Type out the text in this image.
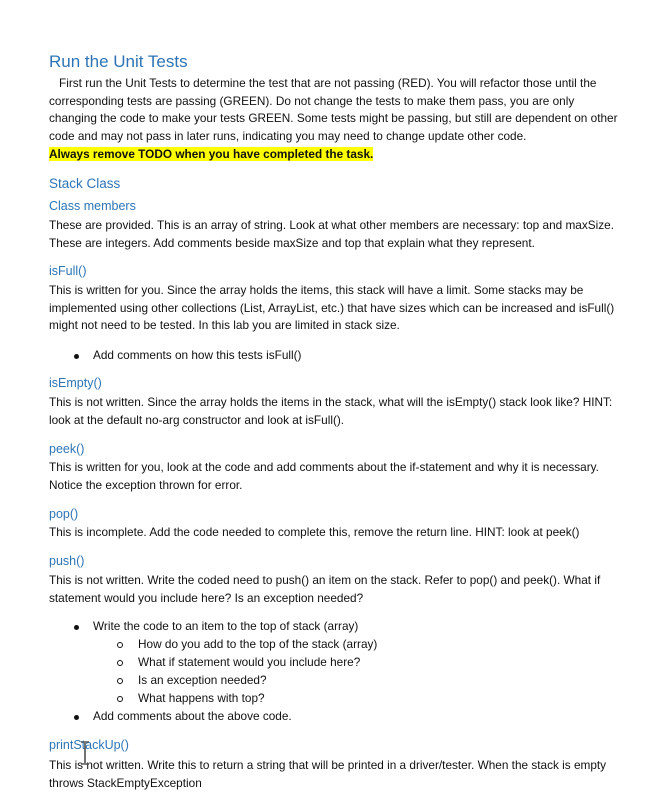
Run the Unit Tests

First run the Unit Tests to determine the test that are not passing (RED). You will refactor those until the corresponding tests are passing (GREEN). Do not change the tests to make them pass, you are only changing the code to make your tests GREEN. Some tests might be passing, but still are dependent on other code and may not pass in later runs, indicating you may need to change update other code.

Always remove TODO when you have completed the task.

Stack Class
Class members

These are provided. This is an array of string. Look at what other members are necessary: top and maxSize. These are integers. Add comments beside maxSize and top that explain what they represent.

isFull()

This is written for you. Since the array holds the items, this stack will have a limit. Some stacks may be implemented using other collections (List, ArrayList, etc.) that have sizes which can be increased and isFull() might not need to be tested. In this lab you are limited in stack size.

Add comments on how this tests isFull()

isEmpty()

This is not written. Since the array holds the items in the stack, what will the isEmpty() stack look like? HINT: look at the default no-arg constructor and look at isFull().

peek()

This is written for you, look at the code and add comments about the if-statement and why it is necessary. Notice the exception thrown for error.

pop()

This is incomplete. Add the code needed to complete this, remove the return line. HINT: look at peek()

push()

This is not written. Write the coded need to push() an item on the stack. Refer to pop() and peek(). What if statement would you include here? Is an exception needed?

Write the code to an item to the top of stack (array)

How do you add to the top of the stack (array)

What if statement would you include here?

Is an exception needed?

What happens with top?

Add comments about the above code.

printStackUp()

This is not written. Write this to return a string that will be printed in a driver/tester. When the stack is empty throws StackEmptyException
